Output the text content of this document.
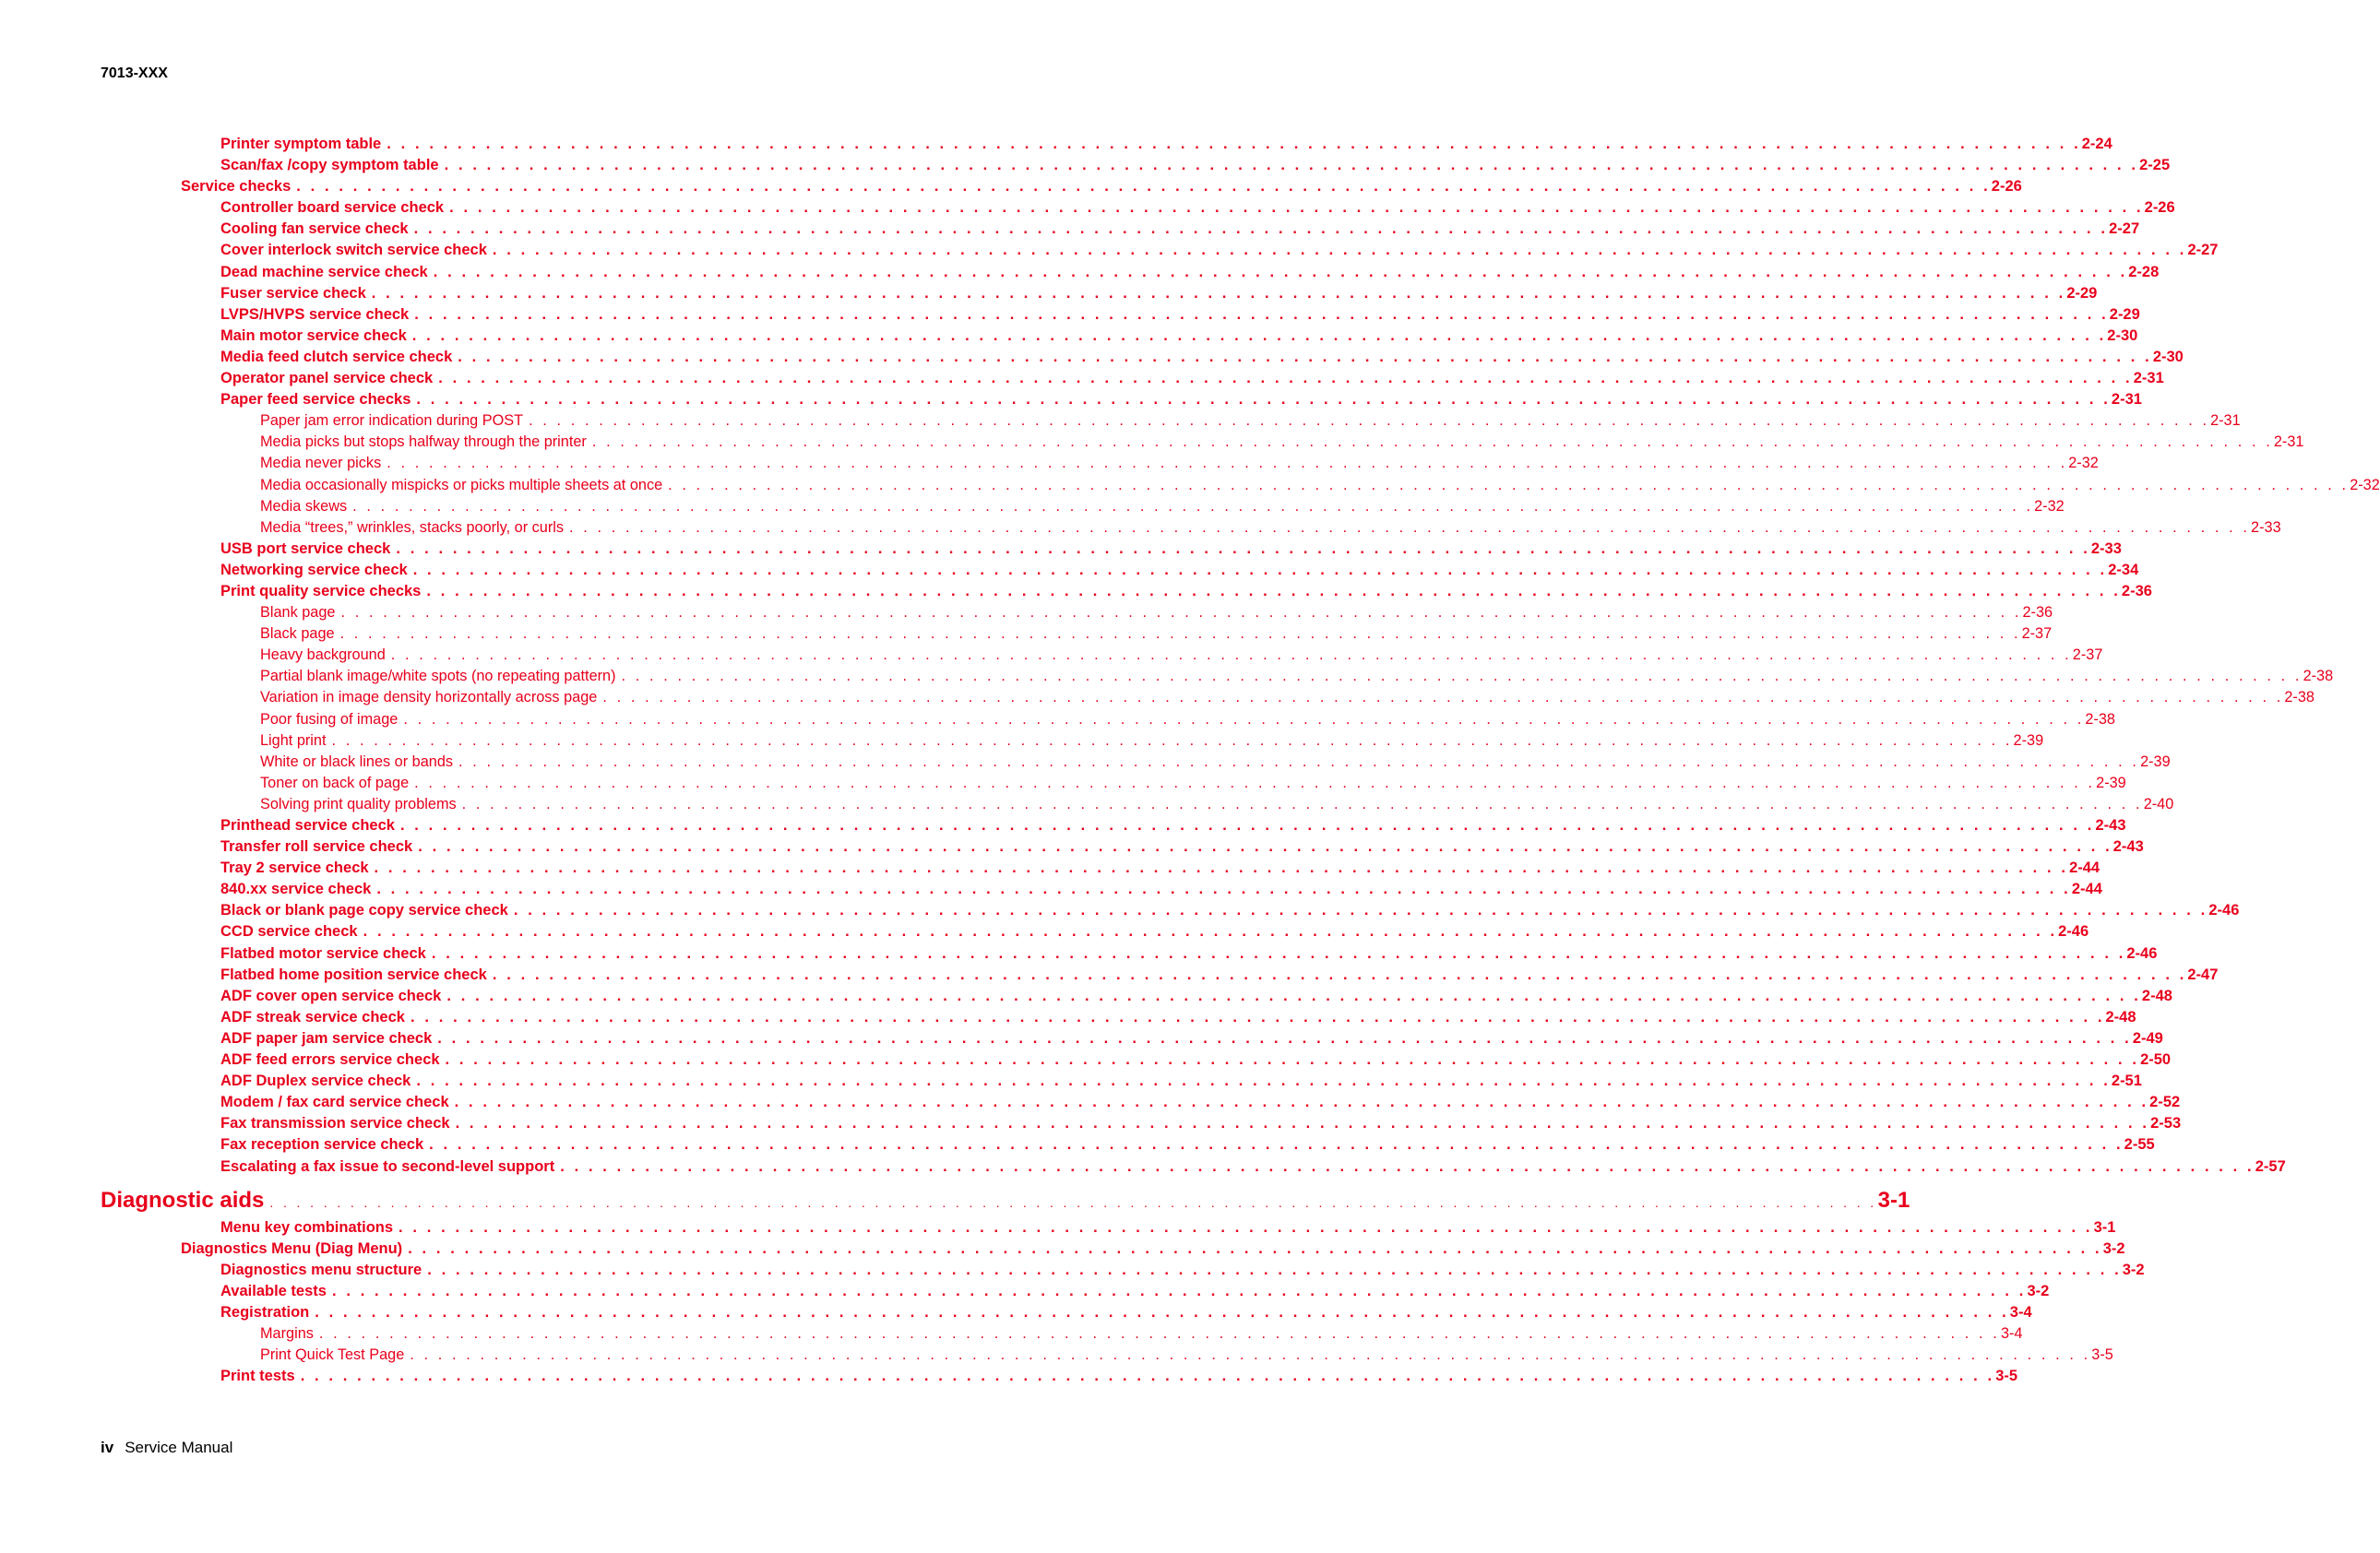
7013-XXX
Printer symptom table . . . . . . . . . . . . . . . . . . . . . . . . . . . . . . . . . . . . . . . . . . . . . . . . . . . . . . . . . . . . . . . . . . . . . . . . . . . . . . . . . . . . . . . . . . . . . . . . . . . . . . . . . . . . . . . . . . . . . . . . 2-24
Scan/fax /copy symptom table . . . . . . . . . . . . . . . . . . . . . . . . . . . . . . . . . . . . . . . . . . . . . . . . . . . . . . . . . . . . . . . . . . . . . . . . . . . . . . . . . . . . . . . . . . . . . . . . . . . . . . . . . . . . . . . . . . . . . . . . 2-25
Service checks . . . . . . . . . . . . . . . . . . . . . . . . . . . . . . . . . . . . . . . . . . . . . . . . . . . . . . . . . . . . . . . . . . . . . . . . . . . . . . . . . . . . . . . . . . . . . . . . . . . . . . . . . . . . . . . . . . . . . . . . 2-26
Controller board service check . . . . . . . . . . . . . . . . . . . . . . . . . . . . . . . . . . . . . . . . . . . . . . . . . . . . . . . . . . . . . . . . . . . . . . . . . . . . . . . . . . . . . . . . . . . . . . . . . . . . . . . . . . . . . . . . . . . . . . . . 2-26
Cooling fan service check . . . . . . . . . . . . . . . . . . . . . . . . . . . . . . . . . . . . . . . . . . . . . . . . . . . . . . . . . . . . . . . . . . . . . . . . . . . . . . . . . . . . . . . . . . . . . . . . . . . . . . . . . . . . . . . . . . . . . . . . 2-27
Cover interlock switch service check . . . . . . . . . . . . . . . . . . . . . . . . . . . . . . . . . . . . . . . . . . . . . . . . . . . . . . . . . . . . . . . . . . . . . . . . . . . . . . . . . . . . . . . . . . . . . . . . . . . . . . . . . . . . . . . . . . . . . . . . 2-27
Dead machine service check . . . . . . . . . . . . . . . . . . . . . . . . . . . . . . . . . . . . . . . . . . . . . . . . . . . . . . . . . . . . . . . . . . . . . . . . . . . . . . . . . . . . . . . . . . . . . . . . . . . . . . . . . . . . . . . . . . . . . . . . 2-28
Fuser service check . . . . . . . . . . . . . . . . . . . . . . . . . . . . . . . . . . . . . . . . . . . . . . . . . . . . . . . . . . . . . . . . . . . . . . . . . . . . . . . . . . . . . . . . . . . . . . . . . . . . . . . . . . . . . . . . . . . . . . . . 2-29
LVPS/HVPS service check . . . . . . . . . . . . . . . . . . . . . . . . . . . . . . . . . . . . . . . . . . . . . . . . . . . . . . . . . . . . . . . . . . . . . . . . . . . . . . . . . . . . . . . . . . . . . . . . . . . . . . . . . . . . . . . . . . . . . . . . 2-29
Main motor service check . . . . . . . . . . . . . . . . . . . . . . . . . . . . . . . . . . . . . . . . . . . . . . . . . . . . . . . . . . . . . . . . . . . . . . . . . . . . . . . . . . . . . . . . . . . . . . . . . . . . . . . . . . . . . . . . . . . . . . . . 2-30
Media feed clutch service check . . . . . . . . . . . . . . . . . . . . . . . . . . . . . . . . . . . . . . . . . . . . . . . . . . . . . . . . . . . . . . . . . . . . . . . . . . . . . . . . . . . . . . . . . . . . . . . . . . . . . . . . . . . . . . . . . . . . . . . . 2-30
Operator panel service check . . . . . . . . . . . . . . . . . . . . . . . . . . . . . . . . . . . . . . . . . . . . . . . . . . . . . . . . . . . . . . . . . . . . . . . . . . . . . . . . . . . . . . . . . . . . . . . . . . . . . . . . . . . . . . . . . . . . . . . . 2-31
Paper feed service checks . . . . . . . . . . . . . . . . . . . . . . . . . . . . . . . . . . . . . . . . . . . . . . . . . . . . . . . . . . . . . . . . . . . . . . . . . . . . . . . . . . . . . . . . . . . . . . . . . . . . . . . . . . . . . . . . . . . . . . . . 2-31
Paper jam error indication during POST . . . . . . . . . . . . . . . . . . . . . . . . . . . . . . . . . . . . . . . . . . . . . . . . . . . . . . . . . . . . . . . . . . . . . . . . . . . . . . . . . . . . . . . . . . . . . . . . . . . . . . . . . . . . . . . . . . . . . . . . 2-31
Media picks but stops halfway through the printer . . . . . . . . . . . . . . . . . . . . . . . . . . . . . . . . . . . . . . . . . . . . . . . . . . . . . . . . . . . . . . . . . . . . . . . . . . . . . . . . . . . . . . . . . . . . . . . . . . . . . . . . . . . . . . . . . . . . . . . . 2-31
Media never picks . . . . . . . . . . . . . . . . . . . . . . . . . . . . . . . . . . . . . . . . . . . . . . . . . . . . . . . . . . . . . . . . . . . . . . . . . . . . . . . . . . . . . . . . . . . . . . . . . . . . . . . . . . . . . . . . . . . . . . . . 2-32
Media occasionally mispicks or picks multiple sheets at once . . . . . . . . . . . . . . . . . . . . . . . . . . . . . . . . . . . . . . . . . . . . . . . . . . . . . . . . . . . . . . . . . . . . . . . . . . . . . . . . . . . . . . . . . . . . . . . . . . . . . . . . . . . . . . . . . . . . . . . . 2-32
Media skews . . . . . . . . . . . . . . . . . . . . . . . . . . . . . . . . . . . . . . . . . . . . . . . . . . . . . . . . . . . . . . . . . . . . . . . . . . . . . . . . . . . . . . . . . . . . . . . . . . . . . . . . . . . . . . . . . . . . . . . . 2-32
Media “trees,” wrinkles, stacks poorly, or curls . . . . . . . . . . . . . . . . . . . . . . . . . . . . . . . . . . . . . . . . . . . . . . . . . . . . . . . . . . . . . . . . . . . . . . . . . . . . . . . . . . . . . . . . . . . . . . . . . . . . . . . . . . . . . . . . . . . . . . . . 2-33
USB port service check . . . . . . . . . . . . . . . . . . . . . . . . . . . . . . . . . . . . . . . . . . . . . . . . . . . . . . . . . . . . . . . . . . . . . . . . . . . . . . . . . . . . . . . . . . . . . . . . . . . . . . . . . . . . . . . . . . . . . . . . 2-33
Networking service check . . . . . . . . . . . . . . . . . . . . . . . . . . . . . . . . . . . . . . . . . . . . . . . . . . . . . . . . . . . . . . . . . . . . . . . . . . . . . . . . . . . . . . . . . . . . . . . . . . . . . . . . . . . . . . . . . . . . . . . . 2-34
Print quality service checks . . . . . . . . . . . . . . . . . . . . . . . . . . . . . . . . . . . . . . . . . . . . . . . . . . . . . . . . . . . . . . . . . . . . . . . . . . . . . . . . . . . . . . . . . . . . . . . . . . . . . . . . . . . . . . . . . . . . . . . . 2-36
Blank page . . . . . . . . . . . . . . . . . . . . . . . . . . . . . . . . . . . . . . . . . . . . . . . . . . . . . . . . . . . . . . . . . . . . . . . . . . . . . . . . . . . . . . . . . . . . . . . . . . . . . . . . . . . . . . . . . . . . . . . . 2-36
Black page . . . . . . . . . . . . . . . . . . . . . . . . . . . . . . . . . . . . . . . . . . . . . . . . . . . . . . . . . . . . . . . . . . . . . . . . . . . . . . . . . . . . . . . . . . . . . . . . . . . . . . . . . . . . . . . . . . . . . . . . 2-37
Heavy background . . . . . . . . . . . . . . . . . . . . . . . . . . . . . . . . . . . . . . . . . . . . . . . . . . . . . . . . . . . . . . . . . . . . . . . . . . . . . . . . . . . . . . . . . . . . . . . . . . . . . . . . . . . . . . . . . . . . . . . . 2-37
Partial blank image/white spots (no repeating pattern) . . . . . . . . . . . . . . . . . . . . . . . . . . . . . . . . . . . . . . . . . . . . . . . . . . . . . . . . . . . . . . . . . . . . . . . . . . . . . . . . . . . . . . . . . . . . . . . . . . . . . . . . . . . . . . . . . . . . . . . . 2-38
Variation in image density horizontally across page . . . . . . . . . . . . . . . . . . . . . . . . . . . . . . . . . . . . . . . . . . . . . . . . . . . . . . . . . . . . . . . . . . . . . . . . . . . . . . . . . . . . . . . . . . . . . . . . . . . . . . . . . . . . . . . . . . . . . . . . 2-38
Poor fusing of image . . . . . . . . . . . . . . . . . . . . . . . . . . . . . . . . . . . . . . . . . . . . . . . . . . . . . . . . . . . . . . . . . . . . . . . . . . . . . . . . . . . . . . . . . . . . . . . . . . . . . . . . . . . . . . . . . . . . . . . . 2-38
Light print . . . . . . . . . . . . . . . . . . . . . . . . . . . . . . . . . . . . . . . . . . . . . . . . . . . . . . . . . . . . . . . . . . . . . . . . . . . . . . . . . . . . . . . . . . . . . . . . . . . . . . . . . . . . . . . . . . . . . . . . 2-39
White or black lines or bands . . . . . . . . . . . . . . . . . . . . . . . . . . . . . . . . . . . . . . . . . . . . . . . . . . . . . . . . . . . . . . . . . . . . . . . . . . . . . . . . . . . . . . . . . . . . . . . . . . . . . . . . . . . . . . . . . . . . . . . . 2-39
Toner on back of page . . . . . . . . . . . . . . . . . . . . . . . . . . . . . . . . . . . . . . . . . . . . . . . . . . . . . . . . . . . . . . . . . . . . . . . . . . . . . . . . . . . . . . . . . . . . . . . . . . . . . . . . . . . . . . . . . . . . . . . . 2-39
Solving print quality problems . . . . . . . . . . . . . . . . . . . . . . . . . . . . . . . . . . . . . . . . . . . . . . . . . . . . . . . . . . . . . . . . . . . . . . . . . . . . . . . . . . . . . . . . . . . . . . . . . . . . . . . . . . . . . . . . . . . . . . . . 2-40
Printhead service check . . . . . . . . . . . . . . . . . . . . . . . . . . . . . . . . . . . . . . . . . . . . . . . . . . . . . . . . . . . . . . . . . . . . . . . . . . . . . . . . . . . . . . . . . . . . . . . . . . . . . . . . . . . . . . . . . . . . . . . . 2-43
Transfer roll service check . . . . . . . . . . . . . . . . . . . . . . . . . . . . . . . . . . . . . . . . . . . . . . . . . . . . . . . . . . . . . . . . . . . . . . . . . . . . . . . . . . . . . . . . . . . . . . . . . . . . . . . . . . . . . . . . . . . . . . . . 2-43
Tray 2 service check . . . . . . . . . . . . . . . . . . . . . . . . . . . . . . . . . . . . . . . . . . . . . . . . . . . . . . . . . . . . . . . . . . . . . . . . . . . . . . . . . . . . . . . . . . . . . . . . . . . . . . . . . . . . . . . . . . . . . . . . 2-44
840.xx service check . . . . . . . . . . . . . . . . . . . . . . . . . . . . . . . . . . . . . . . . . . . . . . . . . . . . . . . . . . . . . . . . . . . . . . . . . . . . . . . . . . . . . . . . . . . . . . . . . . . . . . . . . . . . . . . . . . . . . . . . 2-44
Black or blank page copy service check . . . . . . . . . . . . . . . . . . . . . . . . . . . . . . . . . . . . . . . . . . . . . . . . . . . . . . . . . . . . . . . . . . . . . . . . . . . . . . . . . . . . . . . . . . . . . . . . . . . . . . . . . . . . . . . . . . . . . . . . 2-46
CCD service check . . . . . . . . . . . . . . . . . . . . . . . . . . . . . . . . . . . . . . . . . . . . . . . . . . . . . . . . . . . . . . . . . . . . . . . . . . . . . . . . . . . . . . . . . . . . . . . . . . . . . . . . . . . . . . . . . . . . . . . . 2-46
Flatbed motor service check . . . . . . . . . . . . . . . . . . . . . . . . . . . . . . . . . . . . . . . . . . . . . . . . . . . . . . . . . . . . . . . . . . . . . . . . . . . . . . . . . . . . . . . . . . . . . . . . . . . . . . . . . . . . . . . . . . . . . . . . 2-46
Flatbed home position service check . . . . . . . . . . . . . . . . . . . . . . . . . . . . . . . . . . . . . . . . . . . . . . . . . . . . . . . . . . . . . . . . . . . . . . . . . . . . . . . . . . . . . . . . . . . . . . . . . . . . . . . . . . . . . . . . . . . . . . . . 2-47
ADF cover open service check . . . . . . . . . . . . . . . . . . . . . . . . . . . . . . . . . . . . . . . . . . . . . . . . . . . . . . . . . . . . . . . . . . . . . . . . . . . . . . . . . . . . . . . . . . . . . . . . . . . . . . . . . . . . . . . . . . . . . . . . 2-48
ADF streak service check . . . . . . . . . . . . . . . . . . . . . . . . . . . . . . . . . . . . . . . . . . . . . . . . . . . . . . . . . . . . . . . . . . . . . . . . . . . . . . . . . . . . . . . . . . . . . . . . . . . . . . . . . . . . . . . . . . . . . . . . 2-48
ADF paper jam service check . . . . . . . . . . . . . . . . . . . . . . . . . . . . . . . . . . . . . . . . . . . . . . . . . . . . . . . . . . . . . . . . . . . . . . . . . . . . . . . . . . . . . . . . . . . . . . . . . . . . . . . . . . . . . . . . . . . . . . . . 2-49
ADF feed errors service check . . . . . . . . . . . . . . . . . . . . . . . . . . . . . . . . . . . . . . . . . . . . . . . . . . . . . . . . . . . . . . . . . . . . . . . . . . . . . . . . . . . . . . . . . . . . . . . . . . . . . . . . . . . . . . . . . . . . . . . . 2-50
ADF Duplex service check . . . . . . . . . . . . . . . . . . . . . . . . . . . . . . . . . . . . . . . . . . . . . . . . . . . . . . . . . . . . . . . . . . . . . . . . . . . . . . . . . . . . . . . . . . . . . . . . . . . . . . . . . . . . . . . . . . . . . . . . 2-51
Modem / fax card service check . . . . . . . . . . . . . . . . . . . . . . . . . . . . . . . . . . . . . . . . . . . . . . . . . . . . . . . . . . . . . . . . . . . . . . . . . . . . . . . . . . . . . . . . . . . . . . . . . . . . . . . . . . . . . . . . . . . . . . . . 2-52
Fax transmission service check . . . . . . . . . . . . . . . . . . . . . . . . . . . . . . . . . . . . . . . . . . . . . . . . . . . . . . . . . . . . . . . . . . . . . . . . . . . . . . . . . . . . . . . . . . . . . . . . . . . . . . . . . . . . . . . . . . . . . . . . 2-53
Fax reception service check . . . . . . . . . . . . . . . . . . . . . . . . . . . . . . . . . . . . . . . . . . . . . . . . . . . . . . . . . . . . . . . . . . . . . . . . . . . . . . . . . . . . . . . . . . . . . . . . . . . . . . . . . . . . . . . . . . . . . . . . 2-55
Escalating a fax issue to second-level support . . . . . . . . . . . . . . . . . . . . . . . . . . . . . . . . . . . . . . . . . . . . . . . . . . . . . . . . . . . . . . . . . . . . . . . . . . . . . . . . . . . . . . . . . . . . . . . . . . . . . . . . . . . . . . . . . . . . . . . . 2-57
Diagnostic aids . . . . . . . . . . . . . . . . . . . . . . . . . . . . . . . . . . . . . . . . . . . . . . . . . . . . . . . . . . . . . . . . . . . . . . . . . . . . . . . . . . . . . . . . . . . . . . . . . . . . . . . . . . . . . . . . . . . . . . . . 3-1
Menu key combinations . . . . . . . . . . . . . . . . . . . . . . . . . . . . . . . . . . . . . . . . . . . . . . . . . . . . . . . . . . . . . . . . . . . . . . . . . . . . . . . . . . . . . . . . . . . . . . . . . . . . . . . . . . . . . . . . . . . . . . . . 3-1
Diagnostics Menu (Diag Menu) . . . . . . . . . . . . . . . . . . . . . . . . . . . . . . . . . . . . . . . . . . . . . . . . . . . . . . . . . . . . . . . . . . . . . . . . . . . . . . . . . . . . . . . . . . . . . . . . . . . . . . . . . . . . . . . . . . . . . . . . 3-2
Diagnostics menu structure . . . . . . . . . . . . . . . . . . . . . . . . . . . . . . . . . . . . . . . . . . . . . . . . . . . . . . . . . . . . . . . . . . . . . . . . . . . . . . . . . . . . . . . . . . . . . . . . . . . . . . . . . . . . . . . . . . . . . . . . 3-2
Available tests . . . . . . . . . . . . . . . . . . . . . . . . . . . . . . . . . . . . . . . . . . . . . . . . . . . . . . . . . . . . . . . . . . . . . . . . . . . . . . . . . . . . . . . . . . . . . . . . . . . . . . . . . . . . . . . . . . . . . . . . 3-2
Registration . . . . . . . . . . . . . . . . . . . . . . . . . . . . . . . . . . . . . . . . . . . . . . . . . . . . . . . . . . . . . . . . . . . . . . . . . . . . . . . . . . . . . . . . . . . . . . . . . . . . . . . . . . . . . . . . . . . . . . . . 3-4
Margins . . . . . . . . . . . . . . . . . . . . . . . . . . . . . . . . . . . . . . . . . . . . . . . . . . . . . . . . . . . . . . . . . . . . . . . . . . . . . . . . . . . . . . . . . . . . . . . . . . . . . . . . . . . . . . . . . . . . . . . . 3-4
Print Quick Test Page . . . . . . . . . . . . . . . . . . . . . . . . . . . . . . . . . . . . . . . . . . . . . . . . . . . . . . . . . . . . . . . . . . . . . . . . . . . . . . . . . . . . . . . . . . . . . . . . . . . . . . . . . . . . . . . . . . . . . . . . 3-5
Print tests . . . . . . . . . . . . . . . . . . . . . . . . . . . . . . . . . . . . . . . . . . . . . . . . . . . . . . . . . . . . . . . . . . . . . . . . . . . . . . . . . . . . . . . . . . . . . . . . . . . . . . . . . . . . . . . . . . . . . . . . 3-5
iv Service Manual
